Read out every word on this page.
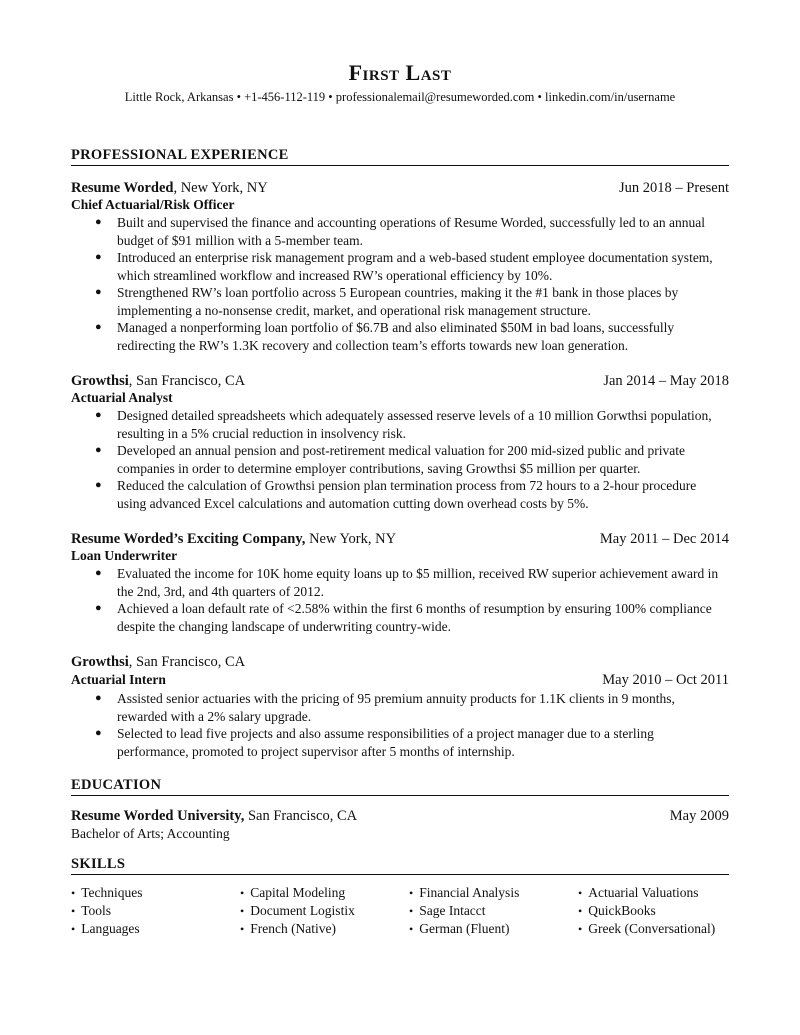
First Last

Little Rock, Arkansas • +1-456-112-119 • professionalemail@resumeworded.com • linkedin.com/in/username

PROFESSIONAL EXPERIENCE
Resume Worded, New York, NY	Jun 2018 – Present
Chief Actuarial/Risk Officer
● Built and supervised the finance and accounting operations of Resume Worded, successfully led to an annual budget of $91 million with a 5-member team.
● Introduced an enterprise risk management program and a web-based student employee documentation system, which streamlined workflow and increased RW’s operational efficiency by 10%.
● Strengthened RW’s loan portfolio across 5 European countries, making it the #1 bank in those places by implementing a no-nonsense credit, market, and operational risk management structure.
● Managed a nonperforming loan portfolio of $6.7B and also eliminated $50M in bad loans, successfully redirecting the RW’s 1.3K recovery and collection team’s efforts towards new loan generation.
Growthsi, San Francisco, CA	Jan 2014 – May 2018
Actuarial Analyst
● Designed detailed spreadsheets which adequately assessed reserve levels of a 10 million Gorwthsi population, resulting in a 5% crucial reduction in insolvency risk.
● Developed an annual pension and post-retirement medical valuation for 200 mid-sized public and private companies in order to determine employer contributions, saving Growthsi $5 million per quarter.
● Reduced the calculation of Growthsi pension plan termination process from 72 hours to a 2-hour procedure using advanced Excel calculations and automation cutting down overhead costs by 5%.
Resume Worded’s Exciting Company, New York, NY	May 2011 – Dec 2014
Loan Underwriter
● Evaluated the income for 10K home equity loans up to $5 million, received RW superior achievement award in the 2nd, 3rd, and 4th quarters of 2012.
● Achieved a loan default rate of <2.58% within the first 6 months of resumption by ensuring 100% compliance despite the changing landscape of underwriting country-wide.
Growthsi, San Francisco, CA
Actuarial Intern	May 2010 – Oct 2011
● Assisted senior actuaries with the pricing of 95 premium annuity products for 1.1K clients in 9 months, rewarded with a 2% salary upgrade.
● Selected to lead five projects and also assume responsibilities of a project manager due to a sterling performance, promoted to project supervisor after 5 months of internship.
EDUCATION
Resume Worded University, San Francisco, CA	May 2009
Bachelor of Arts; Accounting
SKILLS
• Techniques	• Capital Modeling	• Financial Analysis	• Actuarial Valuations
• Tools	• Document Logistix	• Sage Intacct	• QuickBooks
• Languages	• French (Native)	• German (Fluent)	• Greek (Conversational)
